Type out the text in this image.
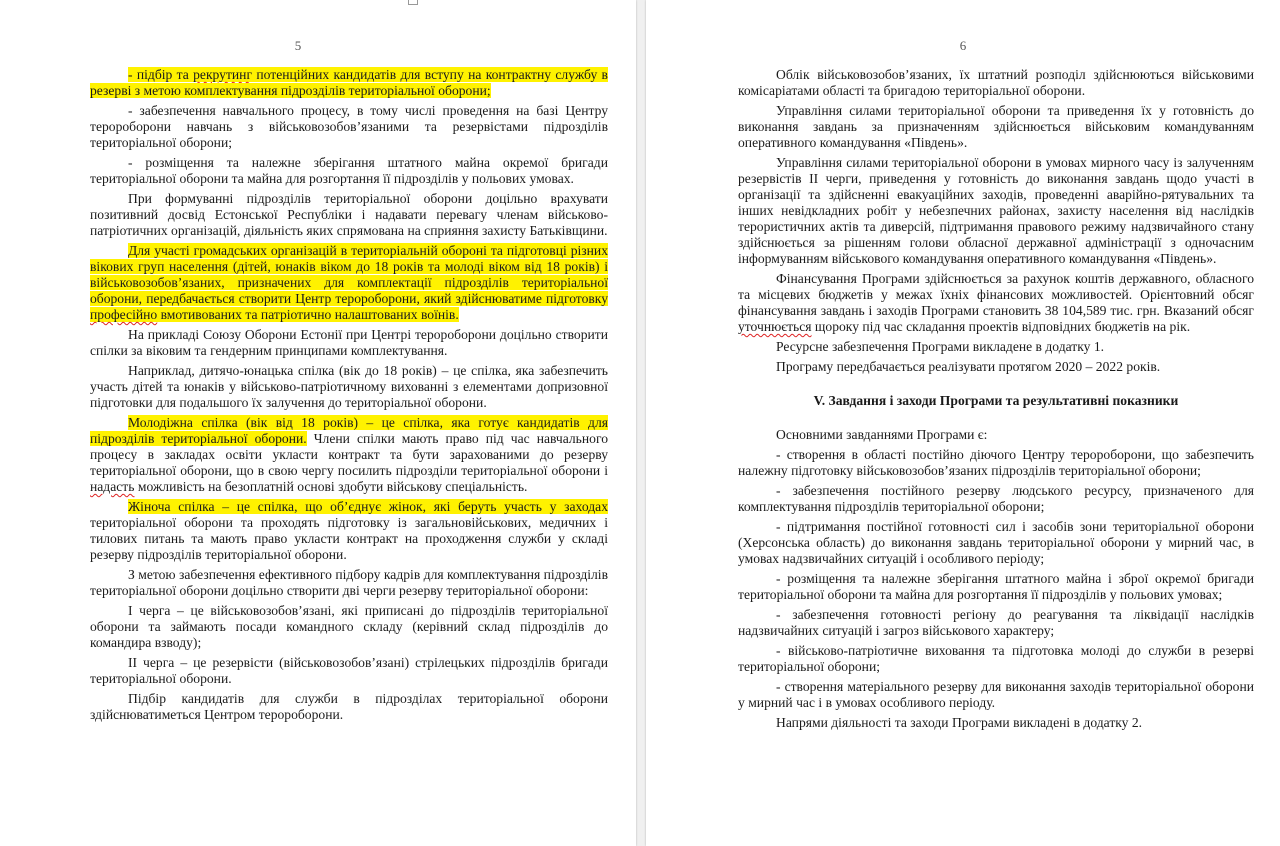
5
- підбір та рекрутинг потенційних кандидатів для вступу на контрактну службу в резерві з метою комплектування підрозділів територіальної оборони;
- забезпечення навчального процесу, в тому числі проведення на базі Центру теророборони навчань з військовозобов’язаними та резервістами підрозділів територіальної оборони;
- розміщення та належне зберігання штатного майна окремої бригади територіальної оборони та майна для розгортання її підрозділів у польових умовах.
При формуванні підрозділів територіальної оборони доцільно врахувати позитивний досвід Естонської Республіки і надавати перевагу членам військово-патріотичних організацій, діяльність яких спрямована на сприяння захисту Батьківщини.
Для участі громадських організацій в територіальній обороні та підготовці різних вікових груп населення (дітей, юнаків віком до 18 років та молоді віком від 18 років) і військовозобов’язаних, призначених для комплектації підрозділів територіальної оборони, передбачається створити Центр теророборони, який здійснюватиме підготовку професійно вмотивованих та патріотично налаштованих воїнів.
На прикладі Союзу Оборони Естонії при Центрі теророборони доцільно створити спілки за віковим та гендерним принципами комплектування.
Наприклад, дитячо-юнацька спілка (вік до 18 років) – це спілка, яка забезпечить участь дітей та юнаків у військово-патріотичному вихованні з елементами допризовної підготовки для подальшого їх залучення до територіальної оборони.
Молодіжна спілка (вік від 18 років) – це спілка, яка готує кандидатів для підрозділів територіальної оборони. Члени спілки мають право під час навчального процесу в закладах освіти укласти контракт та бути зарахованими до резерву територіальної оборони, що в свою чергу посилить підрозділи територіальної оборони і надасть можливість на безоплатній основі здобути військову спеціальність.
Жіноча спілка – це спілка, що об’єднує жінок, які беруть участь у заходах територіальної оборони та проходять підготовку із загальновійськових, медичних і тилових питань та мають право укласти контракт на проходження служби у складі резерву підрозділів територіальної оборони.
З метою забезпечення ефективного підбору кадрів для комплектування підрозділів територіальної оборони доцільно створити дві черги резерву територіальної оборони:
I черга – це військовозобов’язані, які приписані до підрозділів територіальної оборони та займають посади командного складу (керівний склад підрозділів до командира взводу);
II черга – це резервісти (військовозобов’язані) стрілецьких підрозділів бригади територіальної оборони.
Підбір кандидатів для служби в підрозділах територіальної оборони здійснюватиметься Центром теророборони.
6
Облік військовозобов’язаних, їх штатний розподіл здійснюються військовими комісаріатами області та бригадою територіальної оборони.
Управління силами територіальної оборони та приведення їх у готовність до виконання завдань за призначенням здійснюється військовим командуванням оперативного командування «Південь».
Управління силами територіальної оборони в умовах мирного часу із залученням резервістів II черги, приведення у готовність до виконання завдань щодо участі в організації та здійсненні евакуаційних заходів, проведенні аварійно-рятувальних та інших невідкладних робіт у небезпечних районах, захисту населення від наслідків терористичних актів та диверсій, підтримання правового режиму надзвичайного стану здійснюється за рішенням голови обласної державної адміністрації з одночасним інформуванням військового командування оперативного командування «Південь».
Фінансування Програми здійснюється за рахунок коштів державного, обласного та місцевих бюджетів у межах їхніх фінансових можливостей. Орієнтовний обсяг фінансування завдань і заходів Програми становить 38 104,589 тис. грн. Вказаний обсяг уточнюється щороку під час складання проектів відповідних бюджетів на рік.
Ресурсне забезпечення Програми викладене в додатку 1.
Програму передбачається реалізувати протягом 2020 – 2022 років.
V. Завдання і заходи Програми та результативні показники
Основними завданнями Програми є:
- створення в області постійно діючого Центру теророборони, що забезпечить належну підготовку військовозобов’язаних підрозділів територіальної оборони;
- забезпечення постійного резерву людського ресурсу, призначеного для комплектування підрозділів територіальної оборони;
- підтримання постійної готовності сил і засобів зони територіальної оборони (Херсонська область) до виконання завдань територіальної оборони у мирний час, в умовах надзвичайних ситуацій і особливого періоду;
- розміщення та належне зберігання штатного майна і зброї окремої бригади територіальної оборони та майна для розгортання її підрозділів у польових умовах;
- забезпечення готовності регіону до реагування та ліквідації наслідків надзвичайних ситуацій і загроз військового характеру;
- військово-патріотичне виховання та підготовка молоді до служби в резерві територіальної оборони;
- створення матеріального резерву для виконання заходів територіальної оборони у мирний час і в умовах особливого періоду.
Напрями діяльності та заходи Програми викладені в додатку 2.
